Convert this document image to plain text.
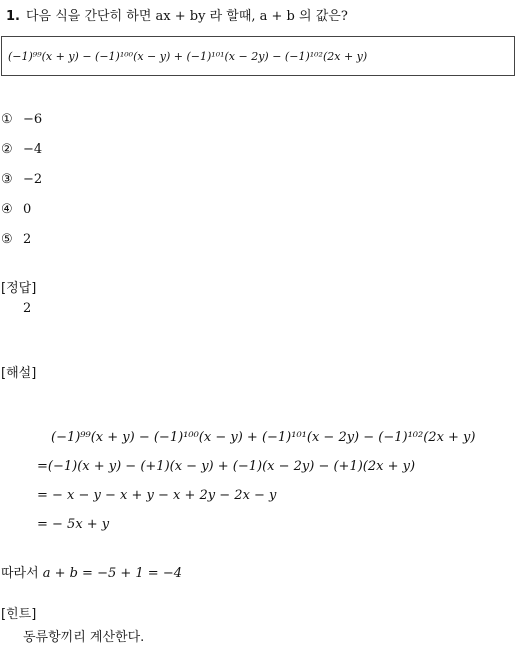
1. 다음 식을 간단히 하면 ax + by 라 할때, a + b 의 값은?
(−1)⁹⁹(x + y) − (−1)¹⁰⁰(x − y) + (−1)¹⁰¹(x − 2y) − (−1)¹⁰²(2x + y)
① −6
② −4
③ −2
④ 0
⑤ 2
[정답]
2
[해설]
(−1)⁹⁹(x + y) − (−1)¹⁰⁰(x − y) + (−1)¹⁰¹(x − 2y) − (−1)¹⁰²(2x + y)
=(−1)(x + y) − (+1)(x − y) + (−1)(x − 2y) − (+1)(2x + y)
= − x − y − x + y − x + 2y − 2x − y
= − 5x + y
따라서 a + b = −5 + 1 = −4
[힌트]
동류항끼리 계산한다.
